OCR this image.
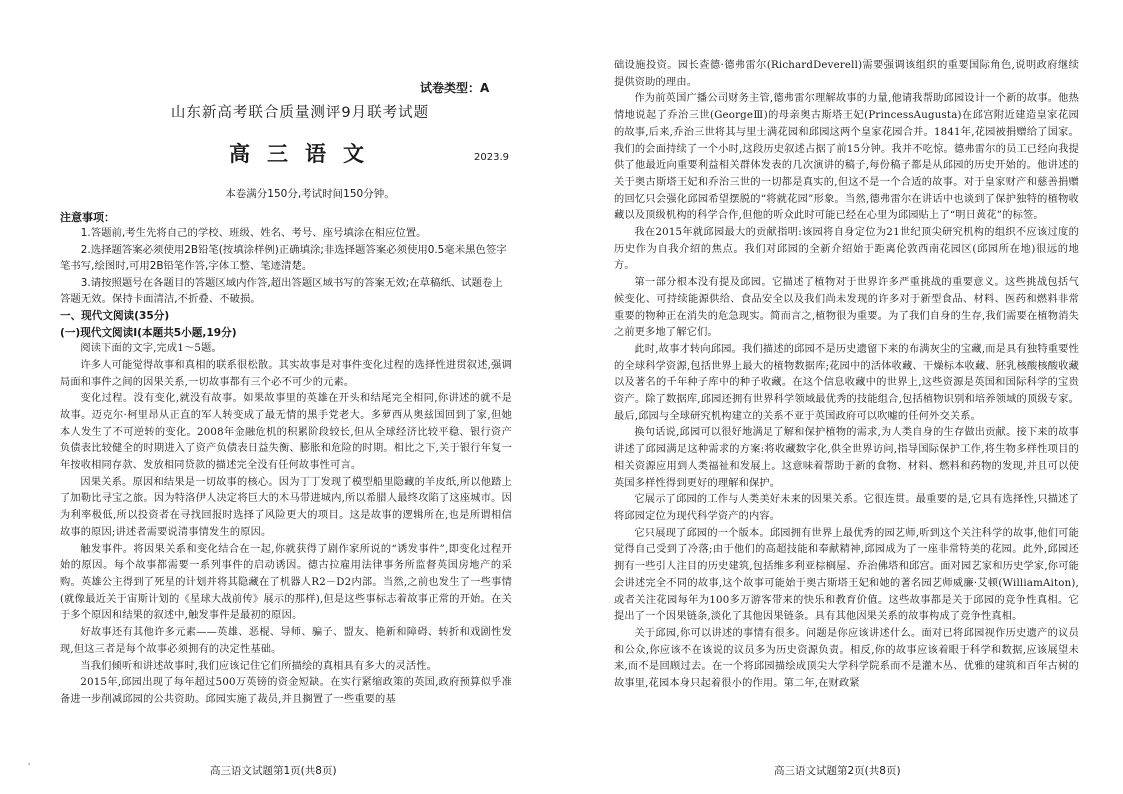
试卷类型：A
山东新高考联合质量测评9月联考试题
高三语文	2023.9
本卷满分150分,考试时间150分钟。

注意事项：

1.答题前,考生先将自己的学校、班级、姓名、考号、座号填涂在相应位置。

2.选择题答案必须使用2B铅笔(按填涂样例)正确填涂;非选择题答案必须使用0.5毫米黑色签字笔书写,绘图时,可用2B铅笔作答,字体工整、笔迹清楚。

3.请按照题号在各题目的答题区域内作答,超出答题区域书写的答案无效;在草稿纸、试题卷上答题无效。保持卡面清洁,不折叠、不破损。

一、现代文阅读(35分)

(一)现代文阅读Ⅰ(本题共5小题,19分)

阅读下面的文字,完成1～5题。

许多人可能觉得故事和真相的联系很松散。其实故事是对事件变化过程的选择性进贯叙述,强调局面和事件之间的因果关系,一切故事都有三个必不可少的元素。

变化过程。没有变化,就没有故事。如果故事里的英雄在开头和结尾完全相同,你讲述的就不是故事。迈克尔·柯里昂从正直的军人转变成了最无情的黑手党老大。多萝西从奥兹国回到了家,但她本人发生了不可逆转的变化。2008年金融危机的积累阶段较长,但从全球经济比较平稳、银行资产负债表比较健全的时期进入了资产负债表日益失衡、膨胀和危险的时期。相比之下,关于银行年复一年按收相同存款、发放相同贷款的描述完全没有任何故事性可言。

因果关系。原因和结果是一切故事的核心。因为丁丁发现了模型船里隐藏的羊皮纸,所以他踏上了加勒比寻宝之旅。因为特洛伊人决定将巨大的木马带进城内,所以希腊人最终攻陷了这座城市。因为利率极低,所以投资者在寻找回报时选择了风险更大的项目。这是故事的逻辑所在,也是所谓相信故事的原因;讲述者需要说清事情发生的原因。

触发事件。将因果关系和变化结合在一起,你就获得了剧作家所说的“诱发事件”,即变化过程开始的原因。每个故事都需要一系列事件的启动诱因。德古拉雇用法律事务所监督英国房地产的采购。英雄公主得到了死星的计划并将其隐藏在了机器人R2－D2内部。当然,之前也发生了一些事情(就像最近关于宙斯计划的《星球大战前传》展示的那样),但是这些事标志着故事正常的开始。在关于多个原因和结果的叙述中,触发事件是最初的原因。

好故事还有其他许多元素——英雄、恶棍、导师、骗子、盟友、艳新和障碍、转折和戏剧性发现,但这三者是每个故事必须拥有的决定性基础。

当我们倾听和讲述故事时,我们应该记住它们所描绘的真相具有多大的灵活性。

2015年,邱园出现了每年超过500万英镑的资金短缺。在实行紧缩政策的英国,政府预算似乎准备进一步削减邱园的公共资助。邱园实施了裁员,并且搁置了一些重要的基

'	高三语文试题第1页(共8页)

础设施投资。园长查德·德弗雷尔(RichardDeverell)需要强调该组织的重要国际角色,说明政府继续提供资助的理由。

作为前英国广播公司财务主管,德弗雷尔理解故事的力量,他请我帮助邱园设计一个新的故事。他热情地说起了乔治三世(GeorgeⅢ)的母亲奥古斯塔王妃(PrincessAugusta)在邱宫附近建造皇家花园的故事,后来,乔治三世将其与里士满花园和邱园这两个皇家花园合并。1841年,花园被捐赠给了国家。我们的会面持续了一个小时,这段历史叙述占据了前15分钟。我并不吃惊。德弗雷尔的员工已经向我提供了他最近向重要利益相关群体发表的几次演讲的稿子,每份稿子都是从邱园的历史开始的。他讲述的关于奥古斯塔王妃和乔治三世的一切都是真实的,但这不是一个合适的故事。对于皇家财产和慈善捐赠的回忆只会强化邱园希望摆脱的“将就花园”形象。当然,德弗雷尔在讲话中也谈到了保护独特的植物收藏以及顶级机构的科学合作,但他的听众此时可能已经在心里为邱园贴上了“明日黄花”的标签。

我在2015年就邱园最大的贡献指明:该园将自身定位为21世纪顶尖研究机构的组织不应该过度的历史作为自我介绍的焦点。我们对邱园的全新介绍始于距离伦敦西南花园区(邱园所在地)很远的地方。

第一部分根本没有提及邱园。它描述了植物对于世界许多严重挑战的重要意义。这些挑战包括气候变化、可持续能源供给、食品安全以及我们尚未发现的许多对于新型食品、材料、医药和燃料非常重要的物种正在消失的危急现实。简而言之,植物很为重要。为了我们自身的生存,我们需要在植物消失之前更多地了解它们。

此时,故事才转向邱园。我们描述的邱园不是历史遗留下来的布满灰尘的宝藏,而是具有独特重要性的全球科学资源,包括世界上最大的植物数据库;花园中的活体收藏、干燥标本收藏、胚乳核酸核酸收藏以及著名的千年种子库中的种子收藏。在这个信息收藏中的世界上,这些资源是英国和国际科学的宝贵资产。除了数据库,邱园还拥有世界科学领域最优秀的技能组合,包括植物识别和培养领域的顶级专家。最后,邱园与全球研究机构建立的关系不亚于英国政府可以吹嘘的任何外交关系。

换句话说,邱园可以很好地满足了解和保护植物的需求,为人类自身的生存做出贡献。接下来的故事讲述了邱园满足这种需求的方案:将收藏数字化,供全世界访问,指导国际保护工作,将生物多样性项目的相关资源应用到人类福祉和发展上。这意味着帮助于新的食物、材料、燃料和药物的发现,并且可以使英国多样性得到更好的理解和保护。

它展示了邱园的工作与人类美好未来的因果关系。它很连贯。最重要的是,它具有选择性,只描述了将邱园定位为现代科学资产的内容。

它只展现了邱园的一个版本。邱园拥有世界上最优秀的园艺师,听到这个关注科学的故事,他们可能觉得自己受到了冷落;由于他们的高超技能和奉献精神,邱园成为了一座非常特美的花园。此外,邱园还拥有一些引人注目的历史建筑,包括维多利亚棕榈屋、乔治佛塔和邱宫。面对园艺家和历史学家,你可能会讲述完全不同的故事,这个故事可能始于奥古斯塔王妃和她的著名园艺师威廉·艾顿(WilliamAiton),或者关注花园每年为100多万游客带来的快乐和教育价值。这些故事都是关于邱园的竞争性真相。它提出了一个因果链条,淡化了其他因果链条。具有其他因果关系的故事构成了竞争性真相。

关于邱园,你可以讲述的事情有很多。问题是你应该讲述什么。面对已将邱园视作历史遗产的议员和公众,你应该不在该说的议员多为历史资源负责。相反,你的故事应该着眼于科学和数据,应该展望未来,而不是回顾过去。在一个将邱园描绘成顶尖大学科学院系而不是灌木丛、优雅的建筑和百年古树的故事里,花园本身只起着很小的作用。第二年,在财政紧

高三语文试题第2页(共8页)
